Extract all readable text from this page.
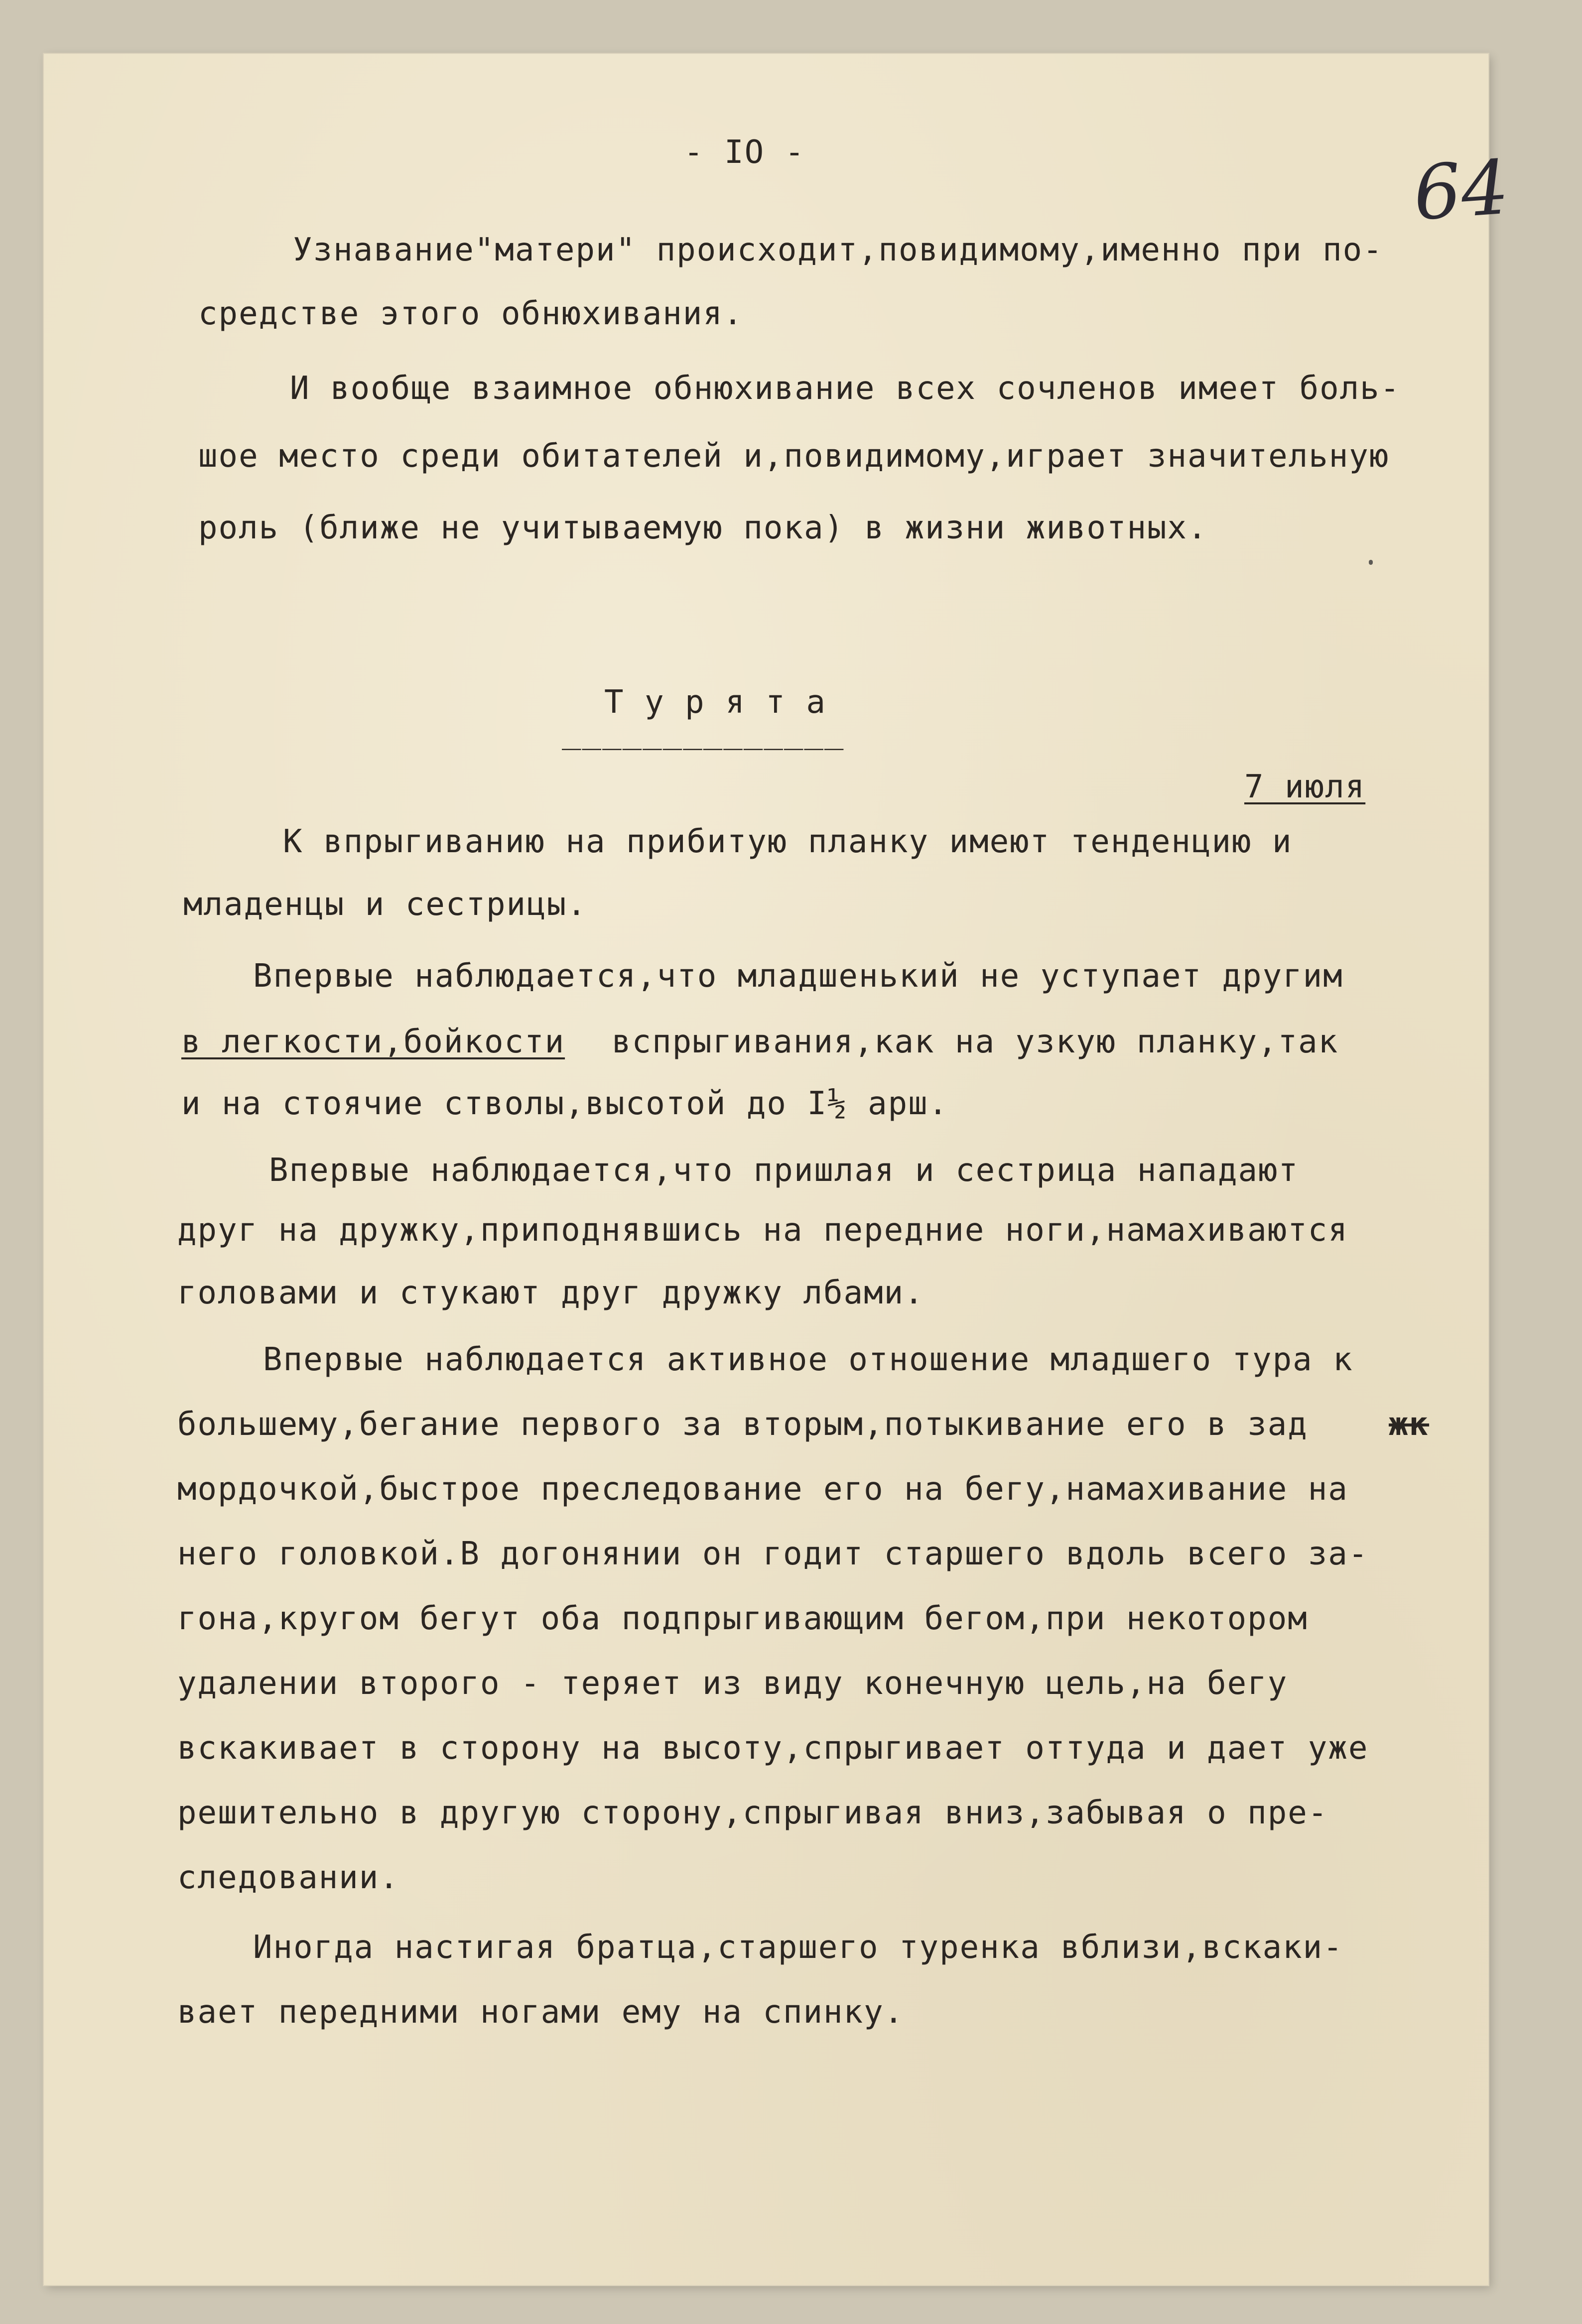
- IO -	64
Узнавание"матери" происходит,повидимому,именно при по-
средстве этого обнюхивания.
И вообще взаимное обнюхивание всех сочленов имеет боль-
шое место среди обитателей и,повидимому,играет значительную
роль (ближе не учитываемую пока) в жизни животных.
Т у р я т а
______________
7 июля
К впрыгиванию на прибитую планку имеют тенденцию и
младенцы и сестрицы.
Впервые наблюдается,что младшенький не уступает другим
в легкости,бойкости вспрыгивания,как на узкую планку,так
и на стоячие стволы,высотой до I½ арш.
Впервые наблюдается,что пришлая и сестрица нападают
друг на дружку,приподнявшись на передние ноги,намахиваются
головами и стукают друг дружку лбами.
Впервые наблюдается активное отношение младшего тура к
большему,бегание первого за вторым,потыкивание его в зад	жк
мордочкой,быстрое преследование его на бегу,намахивание на
него головкой.В догонянии он годит старшего вдоль всего за-
гона,кругом бегут оба подпрыгивающим бегом,при некотором
удалении второго - теряет из виду конечную цель,на бегу
вскакивает в сторону на высоту,спрыгивает оттуда и дает уже
решительно в другую сторону,спрыгивая вниз,забывая о пре-
следовании.
Иногда настигая братца,старшего туренка вблизи,вскаки-
вает передними ногами ему на спинку.
